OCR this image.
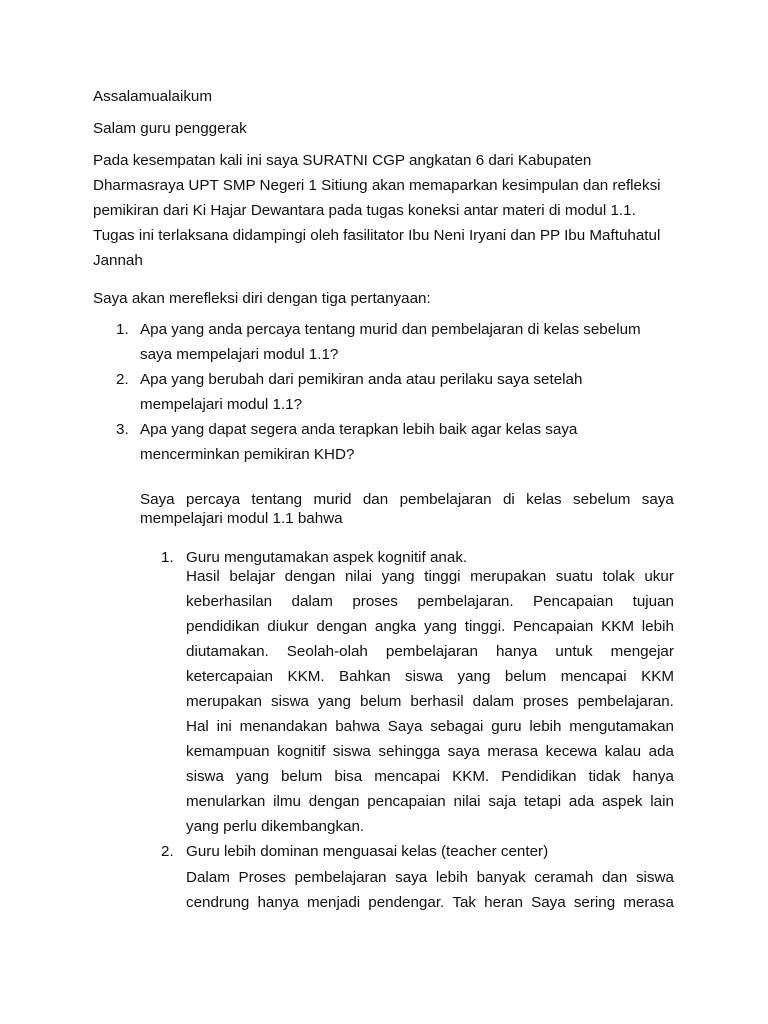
Assalamualaikum
Salam guru penggerak
Pada kesempatan kali ini saya SURATNI CGP angkatan 6 dari Kabupaten
Dharmasraya UPT SMP Negeri 1 Sitiung akan memaparkan kesimpulan dan refleksi
pemikiran dari Ki Hajar Dewantara pada tugas koneksi antar materi di modul 1.1.
Tugas ini terlaksana didampingi oleh fasilitator Ibu Neni Iryani dan PP Ibu Maftuhatul
Jannah
Saya akan merefleksi diri dengan tiga pertanyaan:
1. Apa yang anda percaya tentang murid dan pembelajaran di kelas sebelum
saya mempelajari modul 1.1?
2. Apa yang berubah dari pemikiran anda atau perilaku saya setelah
mempelajari modul 1.1?
3. Apa yang dapat segera anda terapkan lebih baik agar kelas saya
mencerminkan pemikiran KHD?
Saya percaya tentang murid dan pembelajaran di kelas sebelum saya
mempelajari modul 1.1 bahwa
1. Guru mengutamakan aspek kognitif anak.
Hasil belajar dengan nilai yang tinggi merupakan suatu tolak ukur
keberhasilan dalam proses pembelajaran. Pencapaian tujuan
pendidikan diukur dengan angka yang tinggi. Pencapaian KKM lebih
diutamakan. Seolah-olah pembelajaran hanya untuk mengejar
ketercapaian KKM. Bahkan siswa yang belum mencapai KKM
merupakan siswa yang belum berhasil dalam proses pembelajaran.
Hal ini menandakan bahwa Saya sebagai guru lebih mengutamakan
kemampuan kognitif siswa sehingga saya merasa kecewa kalau ada
siswa yang belum bisa mencapai KKM. Pendidikan tidak hanya
menularkan ilmu dengan pencapaian nilai saja tetapi ada aspek lain
yang perlu dikembangkan.
2. Guru lebih dominan menguasai kelas (teacher center)
Dalam Proses pembelajaran saya lebih banyak ceramah dan siswa
cendrung hanya menjadi pendengar. Tak heran Saya sering merasa
